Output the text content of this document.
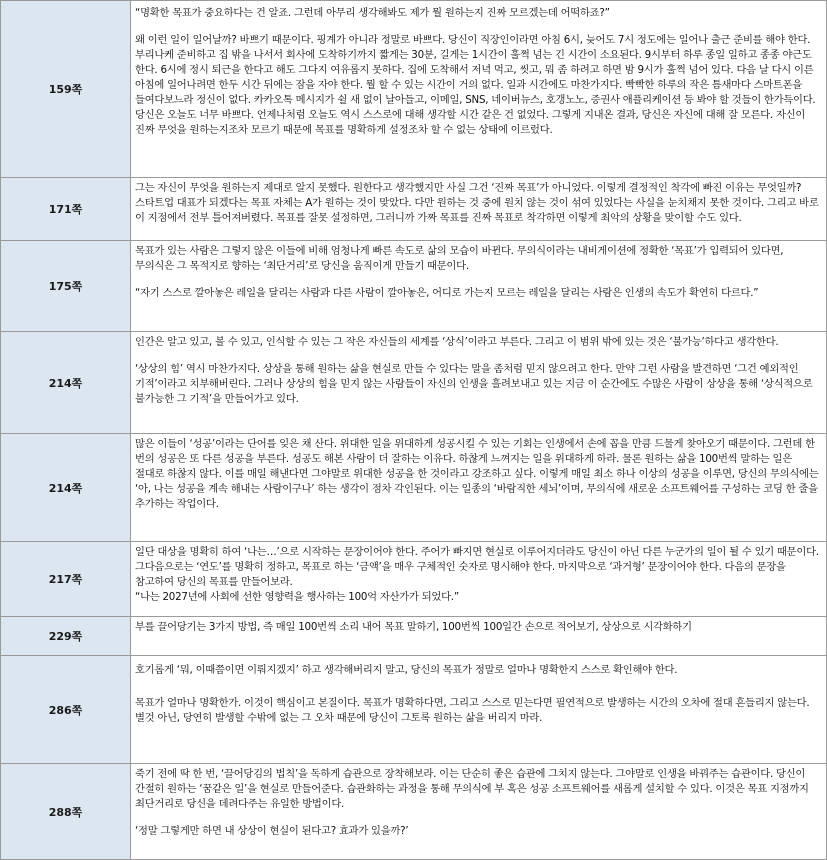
159쪽	“명확한 목표가 중요하다는 건 알죠. 그런데 아무리 생각해봐도 제가 뭘 원하는지 진짜 모르겠는데 어떡하죠?”

왜 이런 일이 일어날까? 바쁘기 때문이다. 핑계가 아니라 정말로 바쁘다. 당신이 직장인이라면 아침 6시, 늦어도 7시 정도에는 일어나 출근 준비를 해야 한다. 부리나케 준비하고 집 밖을 나서서 회사에 도착하기까지 짧게는 30분, 길게는 1시간이 훌쩍 넘는 긴 시간이 소요된다. 9시부터 하루 종일 일하고 종종 야근도 한다. 6시에 정시 퇴근을 한다고 해도 그다지 여유롭지 못하다. 집에 도착해서 저녁 먹고, 씻고, 뭐 좀 하려고 하면 밤 9시가 훌쩍 넘어 있다. 다음 날 다시 이른 아침에 일어나려면 한두 시간 뒤에는 잠을 자야 한다. 뭘 할 수 있는 시간이 거의 없다. 일과 시간에도 마찬가지다. 빡빡한 하루의 작은 틈새마다 스마트폰을 들여다보느라 정신이 없다. 카카오톡 메시지가 쉴 새 없이 날아들고, 이메일, SNS, 네이버뉴스, 호갱노노, 증권사 애플리케이션 등 봐야 할 것들이 한가득이다. 당신은 오늘도 너무 바쁘다. 언제나처럼 오늘도 역시 스스로에 대해 생각할 시간 같은 건 없었다. 그렇게 지내온 결과, 당신은 자신에 대해 잘 모른다. 자신이 진짜 무엇을 원하는지조차 모르기 때문에 목표를 명확하게 설정조차 할 수 없는 상태에 이르렀다.

171쪽	그는 자신이 무엇을 원하는지 제대로 알지 못했다. 원한다고 생각했지만 사실 그건 ‘진짜 목표’가 아니었다. 이렇게 결정적인 착각에 빠진 이유는 무엇일까? 스타트업 대표가 되겠다는 목표 자체는 A가 원하는 것이 맞았다. 다만 원하는 것 중에 원치 않는 것이 섞여 있었다는 사실을 눈치채지 못한 것이다. 그리고 바로 이 지점에서 전부 틀어져버렸다. 목표를 잘못 설정하면, 그러니까 가짜 목표를 진짜 목표로 착각하면 이렇게 최악의 상황을 맞이할 수도 있다.

175쪽	목표가 있는 사람은 그렇지 않은 이들에 비해 엄청나게 빠른 속도로 삶의 모습이 바뀐다. 무의식이라는 내비게이션에 정확한 ‘목표’가 입력되어 있다면, 무의식은 그 목적지로 향하는 ‘최단거리’로 당신을 움직이게 만들기 때문이다.

“자기 스스로 깔아놓은 레일을 달리는 사람과 다른 사람이 깔아놓은, 어디로 가는지 모르는 레일을 달리는 사람은 인생의 속도가 확연히 다르다.”

214쪽	인간은 알고 있고, 볼 수 있고, 인식할 수 있는 그 작은 자신들의 세계를 ‘상식’이라고 부른다. 그리고 이 범위 밖에 있는 것은 ‘불가능’하다고 생각한다.

‘상상의 힘’ 역시 마찬가지다. 상상을 통해 원하는 삶을 현실로 만들 수 있다는 말을 좀처럼 믿지 않으려고 한다. 만약 그런 사람을 발견하면 ‘그건 예외적인 기적’이라고 치부해버린다. 그러나 상상의 힘을 믿지 않는 사람들이 자신의 인생을 흘려보내고 있는 지금 이 순간에도 수많은 사람이 상상을 통해 ‘상식적으로 불가능한 그 기적’을 만들어가고 있다.

214쪽	많은 이들이 ‘성공’이라는 단어를 잊은 채 산다. 위대한 일을 위대하게 성공시킬 수 있는 기회는 인생에서 손에 꼽을 만큼 드물게 찾아오기 때문이다. 그런데 한 번의 성공은 또 다른 성공을 부른다. 성공도 해본 사람이 더 잘하는 이유다. 하찮게 느껴지는 일을 위대하게 하라. 물론 원하는 삶을 100번씩 말하는 일은 절대로 하찮지 않다. 이를 매일 해낸다면 그야말로 위대한 성공을 한 것이라고 강조하고 싶다. 이렇게 매일 최소 하나 이상의 성공을 이루면, 당신의 무의식에는 ‘아, 나는 성공을 계속 해내는 사람이구나’ 하는 생각이 점차 각인된다. 이는 일종의 ‘바람직한 세뇌’이며, 무의식에 새로운 소프트웨어를 구성하는 코딩 한 줄을 추가하는 작업이다.

217쪽	일단 대상을 명확히 하여 ‘나는…’으로 시작하는 문장이어야 한다. 주어가 빠지면 현실로 이루어지더라도 당신이 아닌 다른 누군가의 일이 될 수 있기 때문이다. 그다음으로는 ‘연도’를 명확히 정하고, 목표로 하는 ‘금액’을 매우 구체적인 숫자로 명시해야 한다. 마지막으로 ‘과거형’ 문장이어야 한다. 다음의 문장을 참고하여 당신의 목표를 만들어보라.

“나는 2027년에 사회에 선한 영향력을 행사하는 100억 자산가가 되었다.”

229쪽	부를 끌어당기는 3가지 방법, 즉 매일 100번씩 소리 내어 목표 말하기, 100번씩 100일간 손으로 적어보기, 상상으로 시각화하기

286쪽	호기롭게 ‘뭐, 이때쯤이면 이뤄지겠지’ 하고 생각해버리지 말고, 당신의 목표가 정말로 얼마나 명확한지 스스로 확인해야 한다.

목표가 얼마나 명확한가. 이것이 핵심이고 본질이다. 목표가 명확하다면, 그리고 스스로 믿는다면 필연적으로 발생하는 시간의 오차에 절대 흔들리지 않는다. 별것 아닌, 당연히 발생할 수밖에 없는 그 오차 때문에 당신이 그토록 원하는 삶을 버리지 마라.

288쪽	죽기 전에 딱 한 번, ‘끌어당김의 법칙’을 독하게 습관으로 장착해보라. 이는 단순히 좋은 습관에 그치지 않는다. 그야말로 인생을 바꿔주는 습관이다. 당신이 간절히 원하는 ‘꿈같은 일’을 현실로 만들어준다. 습관화하는 과정을 통해 무의식에 부 혹은 성공 소프트웨어를 새롭게 설치할 수 있다. 이것은 목표 지점까지 최단거리로 당신을 데려다주는 유일한 방법이다.

‘정말 그렇게만 하면 내 상상이 현실이 된다고? 효과가 있을까?’
